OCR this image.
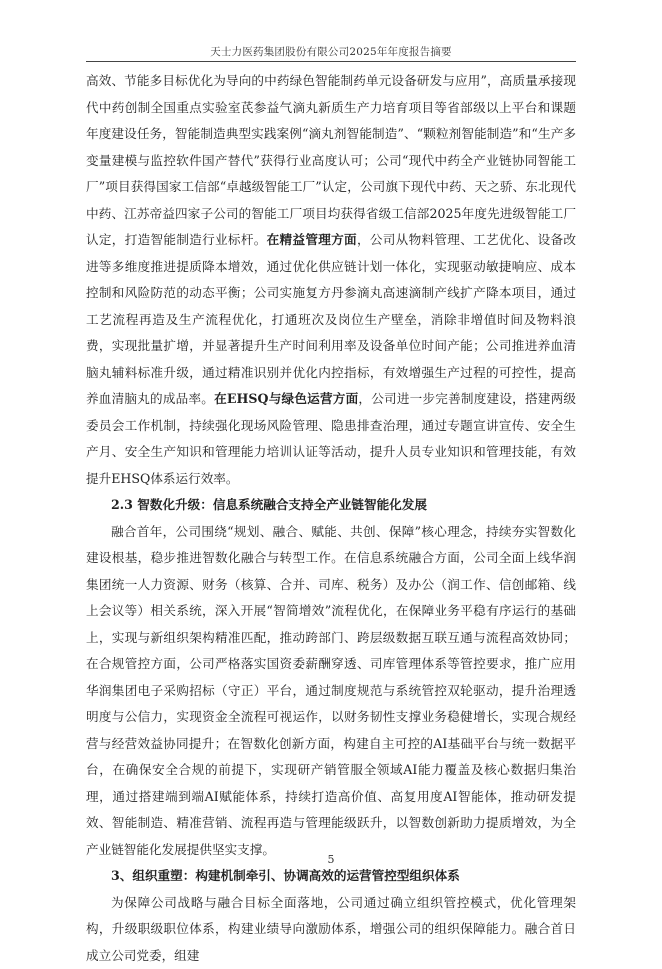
天士力医药集团股份有限公司2025年年度报告摘要

高效、节能多目标优化为导向的中药绿色智能制药单元设备研发与应用”，高质量承接现代中药创制全国重点实验室芪参益气滴丸新质生产力培育项目等省部级以上平台和课题年度建设任务，智能制造典型实践案例“滴丸剂智能制造”、“颗粒剂智能制造”和“生产多变量建模与监控软件国产替代”获得行业高度认可；公司“现代中药全产业链协同智能工厂”项目获得国家工信部“卓越级智能工厂”认定，公司旗下现代中药、天之骄、东北现代中药、江苏帝益四家子公司的智能工厂项目均获得省级工信部2025年度先进级智能工厂认定，打造智能制造行业标杆。在精益管理方面，公司从物料管理、工艺优化、设备改进等多维度推进提质降本增效，通过优化供应链计划一体化，实现驱动敏捷响应、成本控制和风险防范的动态平衡；公司实施复方丹参滴丸高速滴制产线扩产降本项目，通过工艺流程再造及生产流程优化，打通班次及岗位生产壁垒，消除非增值时间及物料浪费，实现批量扩增，并显著提升生产时间利用率及设备单位时间产能；公司推进养血清脑丸辅料标准升级，通过精准识别并优化内控指标，有效增强生产过程的可控性，提高养血清脑丸的成品率。在EHSQ与绿色运营方面，公司进一步完善制度建设，搭建两级委员会工作机制，持续强化现场风险管理、隐患排查治理，通过专题宣讲宣传、安全生产月、安全生产知识和管理能力培训认证等活动，提升人员专业知识和管理技能，有效提升EHSQ体系运行效率。

2.3 智数化升级：信息系统融合支持全产业链智能化发展

融合首年，公司围绕“规划、融合、赋能、共创、保障”核心理念，持续夯实智数化建设根基，稳步推进智数化融合与转型工作。在信息系统融合方面，公司全面上线华润集团统一人力资源、财务（核算、合并、司库、税务）及办公（润工作、信创邮箱、线上会议等）相关系统，深入开展“智简增效”流程优化，在保障业务平稳有序运行的基础上，实现与新组织架构精准匹配，推动跨部门、跨层级数据互联互通与流程高效协同；在合规管控方面，公司严格落实国资委薪酬穿透、司库管理体系等管控要求，推广应用华润集团电子采购招标（守正）平台，通过制度规范与系统管控双轮驱动，提升治理透明度与公信力，实现资金全流程可视运作，以财务韧性支撑业务稳健增长，实现合规经营与经营效益协同提升；在智数化创新方面，构建自主可控的AI基础平台与统一数据平台，在确保安全合规的前提下，实现研产销管服全领域AI能力覆盖及核心数据归集治理，通过搭建端到端AI赋能体系，持续打造高价值、高复用度AI智能体，推动研发提效、智能制造、精准营销、流程再造与管理能级跃升，以智数创新助力提质增效，为全产业链智能化发展提供坚实支撑。

3、组织重塑：构建机制牵引、协调高效的运营管控型组织体系

为保障公司战略与融合目标全面落地，公司通过确立组织管控模式，优化管理架构，升级职级职位体系，构建业绩导向激励体系，增强公司的组织保障能力。融合首日成立公司党委，组建

5
